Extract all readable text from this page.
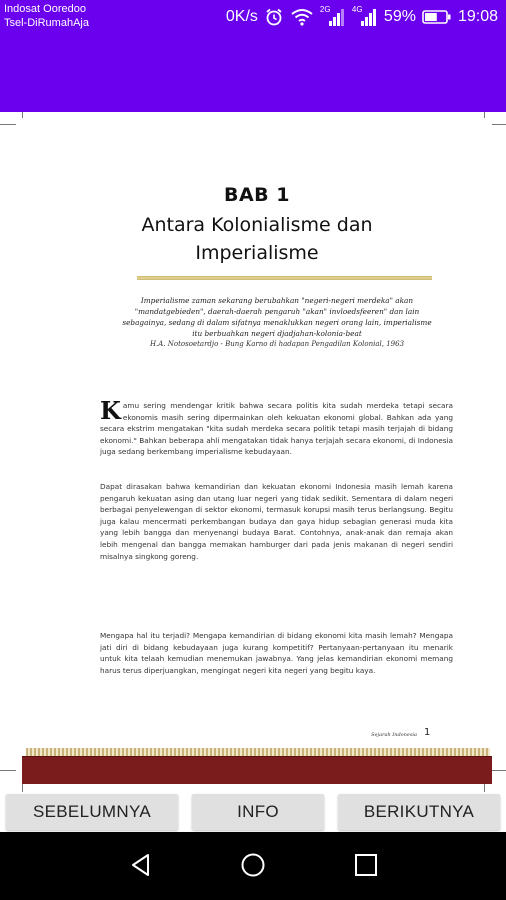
Indosat Ooredoo
Tsel-DiRumahAja	0K/s	2G	4G 59%	19:08
BAB 1
Antara Kolonialisme dan
Imperialisme
Imperialisme zaman sekarang berubahkan "negeri-negeri merdeka" akan "mandatgebieden", daerah-daerah pengaruh "akan" invloedsfeeren" dan lain sebagainya, sedang di dalam sifatnya menaklukkan negeri orang lain, imperialisme itu berbuahkan negeri djadjahan-kolonia-beat
H.A. Notosoetardjo - Bung Karno di hadapan Pengadilan Kolonial, 1963
Kamu sering mendengar kritik bahwa secara politis kita sudah merdeka tetapi secara ekonomis masih sering dipermainkan oleh kekuatan ekonomi global. Bahkan ada yang secara ekstrim mengatakan "kita sudah merdeka secara politik tetapi masih terjajah di bidang ekonomi." Bahkan beberapa ahli mengatakan tidak hanya terjajah secara ekonomi, di Indonesia juga sedang berkembang imperialisme kebudayaan.
Dapat dirasakan bahwa kemandirian dan kekuatan ekonomi Indonesia masih lemah karena pengaruh kekuatan asing dan utang luar negeri yang tidak sedikit. Sementara di dalam negeri berbagai penyelewengan di sektor ekonomi, termasuk korupsi masih terus berlangsung. Begitu juga kalau mencermati perkembangan budaya dan gaya hidup sebagian generasi muda kita yang lebih bangga dan menyenangi budaya Barat. Contohnya, anak-anak dan remaja akan lebih mengenal dan bangga memakan hamburger dari pada jenis makanan di negeri sendiri misalnya singkong goreng.
Mengapa hal itu terjadi? Mengapa kemandirian di bidang ekonomi kita masih lemah? Mengapa jati diri di bidang kebudayaan juga kurang kompetitif? Pertanyaan-pertanyaan itu menarik untuk kita telaah kemudian menemukan jawabnya. Yang jelas kemandirian ekonomi memang harus terus diperjuangkan, mengingat negeri kita negeri yang begitu kaya.
Sejarah Indonesia 1
SEBELUMNYA	INFO	BERIKUTNYA
